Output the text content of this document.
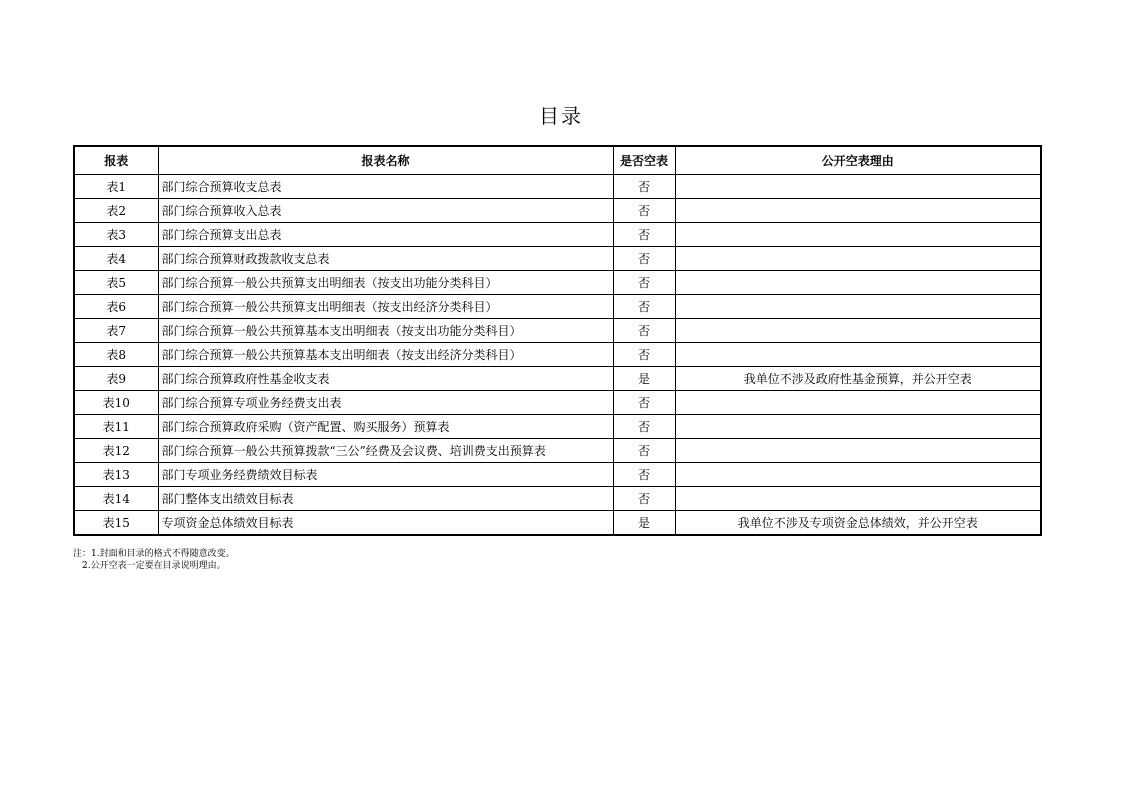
目录
报表	报表名称	是否空表	公开空表理由
表1	部门综合预算收支总表	否	
表2	部门综合预算收入总表	否	
表3	部门综合预算支出总表	否	
表4	部门综合预算财政拨款收支总表	否	
表5	部门综合预算一般公共预算支出明细表（按支出功能分类科目）	否	
表6	部门综合预算一般公共预算支出明细表（按支出经济分类科目）	否	
表7	部门综合预算一般公共预算基本支出明细表（按支出功能分类科目）	否	
表8	部门综合预算一般公共预算基本支出明细表（按支出经济分类科目）	否	
表9	部门综合预算政府性基金收支表	是	我单位不涉及政府性基金预算，并公开空表
表10	部门综合预算专项业务经费支出表	否	
表11	部门综合预算政府采购（资产配置、购买服务）预算表	否	
表12	部门综合预算一般公共预算拨款“三公”经费及会议费、培训费支出预算表	否	
表13	部门专项业务经费绩效目标表	否	
表14	部门整体支出绩效目标表	否	
表15	专项资金总体绩效目标表	是	我单位不涉及专项资金总体绩效，并公开空表
注：1.封面和目录的格式不得随意改变。
2.公开空表一定要在目录说明理由。
